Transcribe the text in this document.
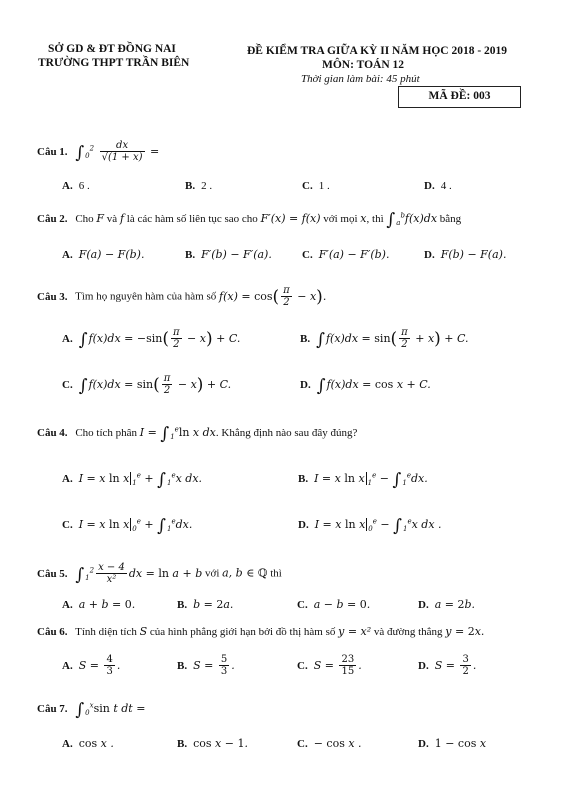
SỞ GD & ĐT ĐỒNG NAI
TRƯỜNG THPT TRẦN BIÊN
ĐỀ KIỂM TRA GIỮA KỲ II NĂM HỌC 2018 - 2019
MÔN: TOÁN 12
Thời gian làm bài: 45 phút
MÃ ĐỀ: 003
Câu 1. $\int_0^2 \frac{dx}{√(1 + x)}$ =
A. 6 .	B. 2 .	C. 1 .	D. 4 .
Câu 2. Cho F và f là các hàm số liên tục sao cho F′(x) = f(x) với mọi x, thì $\int_a^bf(x)dx$ bằng
A. F(a) − F(b).	B. F′(b) − F′(a).	C. F′(a) − F′(b).	D. F(b) − F(a).
Câu 3. Tìm họ nguyên hàm của hàm số $f(x) = \cos( \frac{\pi}{2} - x)$.
A. $\int f(x)dx = -\sin( \frac{\pi}{2} - x) + C$.	B. $\int f(x)dx = \sin( \frac{\pi}{2} + x) + C$.
C. $\int f(x)dx = \sin( \frac{\pi}{2} - x) + C$.	D. ∫f(x)dx = cos x + C.
Câu 4. Cho tích phân $I = \int_1^e\ln$ x dx. Khẳng định nào sau đây đúng?
A. I = x ln x $_1^e + \int_1^ex$ dx.	B. I = x ln x $_1^e - \int_1^edx$.
C. I = x ln x $_0^e + \int_1^edx$.	D. I = x ln x $_0^e - \int_1^ex$ dx .
Câu 5. $\int_1^2 \frac{x - 4}{\text{x²}}$ dx = ln a + b với a, b ∈ ℚ thì
A. a + b = 0.	B. b = 2a.	C. a − b = 0.	D. a = 2b.
Câu 6. Tính diện tích S của hình phẳng giới hạn bởi đồ thị hàm số y = x² và đường thẳng y = 2x.
A. $S = \frac{4}{3}$ .	B. $S = \frac{5}{3}$ .	C. $S = \frac{23}{15}$ .	D. $S = \frac{3}{2}$ .
Câu 7. $\int_0^x\sin$ t dt =
A. cos x .	B. cos x − 1.	C. − cos x .	D. 1 − cos x
